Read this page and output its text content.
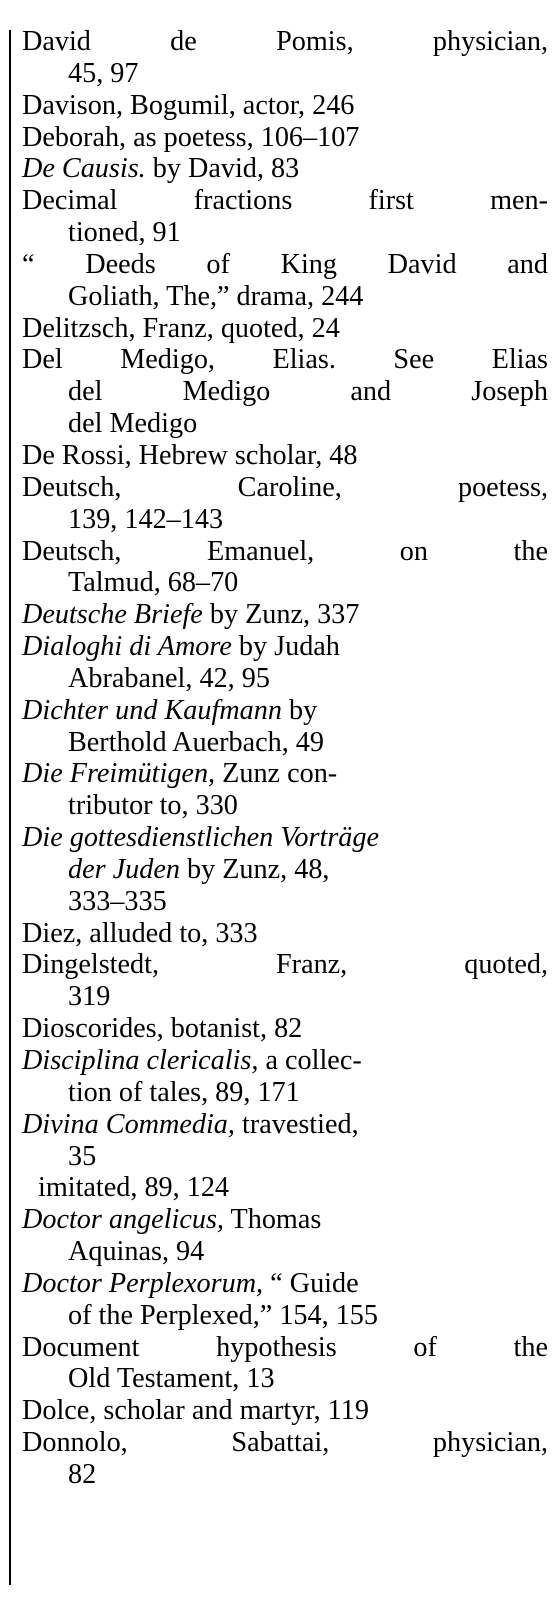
David de Pomis, physician,
45, 97
Davison, Bogumil, actor, 246
Deborah, as poetess, 106–107
De Causis. by David, 83
Decimal fractions first men-
tioned, 91
“ Deeds of King David and
Goliath, The,” drama, 244
Delitzsch, Franz, quoted, 24
Del Medigo, Elias. See Elias
del Medigo and Joseph
del Medigo
De Rossi, Hebrew scholar, 48
Deutsch, Caroline, poetess,
139, 142–143
Deutsch, Emanuel, on the
Talmud, 68–70
Deutsche Briefe by Zunz, 337
Dialoghi di Amore by Judah
Abrabanel, 42, 95
Dichter und Kaufmann by
Berthold Auerbach, 49
Die Freimütigen, Zunz con-
tributor to, 330
Die gottesdienstlichen Vorträge
der Juden by Zunz, 48,
333–335
Diez, alluded to, 333
Dingelstedt, Franz, quoted,
319
Dioscorides, botanist, 82
Disciplina clericalis, a collec-
tion of tales, 89, 171
Divina Commedia, travestied,
35
imitated, 89, 124
Doctor angelicus, Thomas
Aquinas, 94
Doctor Perplexorum, “ Guide
of the Perplexed,” 154, 155
Document hypothesis of the
Old Testament, 13
Dolce, scholar and martyr, 119
Donnolo, Sabattai, physician,
82
